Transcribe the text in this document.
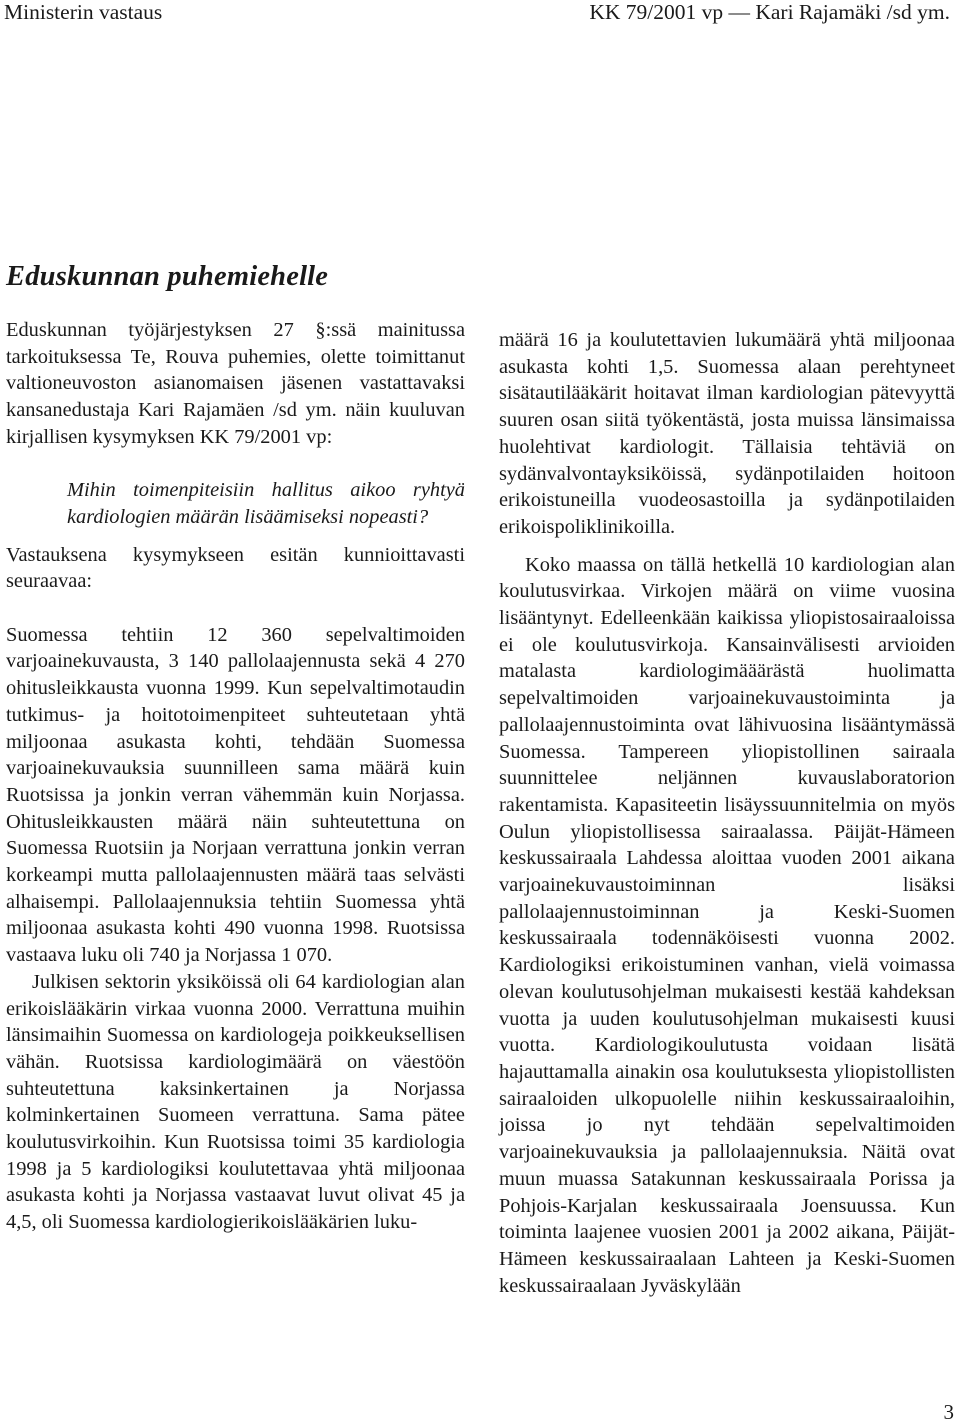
Ministerin vastaus	KK 79/2001 vp — Kari Rajamäki /sd ym.
Eduskunnan puhemiehelle

Eduskunnan työjärjestyksen 27 §:ssä mainitussa tarkoituksessa Te, Rouva puhemies, olette toimittanut valtioneuvoston asianomaisen jäsenen vastattavaksi kansanedustaja Kari Rajamäen /sd ym. näin kuuluvan kirjallisen kysymyksen KK 79/2001 vp:

Mihin toimenpiteisiin hallitus aikoo ryhtyä kardiologien määrän lisäämiseksi nopeasti?

Vastauksena kysymykseen esitän kunnioittavasti seuraavaa:

Suomessa tehtiin 12 360 sepelvaltimoiden varjoainekuvausta, 3 140 pallolaajennusta sekä 4 270 ohitusleikkausta vuonna 1999. Kun sepelvaltimotaudin tutkimus- ja hoitotoimenpiteet suhteutetaan yhtä miljoonaa asukasta kohti, tehdään Suomessa varjoainekuvauksia suunnilleen sama määrä kuin Ruotsissa ja jonkin verran vähemmän kuin Norjassa. Ohitusleikkausten määrä näin suhteutettuna on Suomessa Ruotsiin ja Norjaan verrattuna jonkin verran korkeampi mutta pallolaajennusten määrä taas selvästi alhaisempi. Pallolaajennuksia tehtiin Suomessa yhtä miljoonaa asukasta kohti 490 vuonna 1998. Ruotsissa vastaava luku oli 740 ja Norjassa 1 070.

Julkisen sektorin yksiköissä oli 64 kardiologian alan erikoislääkärin virkaa vuonna 2000. Verrattuna muihin länsimaihin Suomessa on kardiologeja poikkeuksellisen vähän. Ruotsissa kardiologimäärä on väestöön suhteutettuna kaksinkertainen ja Norjassa kolminkertainen Suomeen verrattuna. Sama pätee koulutusvirkoihin. Kun Ruotsissa toimi 35 kardiologia 1998 ja 5 kardiologiksi koulutettavaa yhtä miljoonaa asukasta kohti ja Norjassa vastaavat luvut olivat 45 ja 4,5, oli Suomessa kardiologierikoislääkärien luku-

määrä 16 ja koulutettavien lukumäärä yhtä miljoonaa asukasta kohti 1,5. Suomessa alaan perehtyneet sisätautilääkärit hoitavat ilman kardiologian pätevyyttä suuren osan siitä työkentästä, josta muissa länsimaissa huolehtivat kardiologit. Tällaisia tehtäviä on sydänvalvontayksiköissä, sydänpotilaiden hoitoon erikoistuneilla vuodeosastoilla ja sydänpotilaiden erikoispoliklinikoilla.

Koko maassa on tällä hetkellä 10 kardiologian alan koulutusvirkaa. Virkojen määrä on viime vuosina lisääntynyt. Edelleenkään kaikissa yliopistosairaaloissa ei ole koulutusvirkoja. Kansainvälisesti arvioiden matalasta kardiologimääärästä huolimatta sepelvaltimoiden varjoainekuvaustoiminta ja pallolaajennustoiminta ovat lähivuosina lisääntymässä Suomessa. Tampereen yliopistollinen sairaala suunnittelee neljännen kuvauslaboratorion rakentamista. Kapasiteetin lisäyssuunnitelmia on myös Oulun yliopistollisessa sairaalassa. Päijät-Hämeen keskussairaala Lahdessa aloittaa vuoden 2001 aikana varjoainekuvaustoiminnan lisäksi pallolaajennustoiminnan ja Keski-Suomen keskussairaala todennäköisesti vuonna 2002. Kardiologiksi erikoistuminen vanhan, vielä voimassa olevan koulutusohjelman mukaisesti kestää kahdeksan vuotta ja uuden koulutusohjelman mukaisesti kuusi vuotta. Kardiologikoulutusta voidaan lisätä hajauttamalla ainakin osa koulutuksesta yliopistollisten sairaaloiden ulkopuolelle niihin keskussairaaloihin, joissa jo nyt tehdään sepelvaltimoiden varjoainekuvauksia ja pallolaajennuksia. Näitä ovat muun muassa Satakunnan keskussairaala Porissa ja Pohjois-Karjalan keskussairaala Joensuussa. Kun toiminta laajenee vuosien 2001 ja 2002 aikana, Päijät-Hämeen keskussairaalaan Lahteen ja Keski-Suomen keskussairaalaan Jyväskylään

3
